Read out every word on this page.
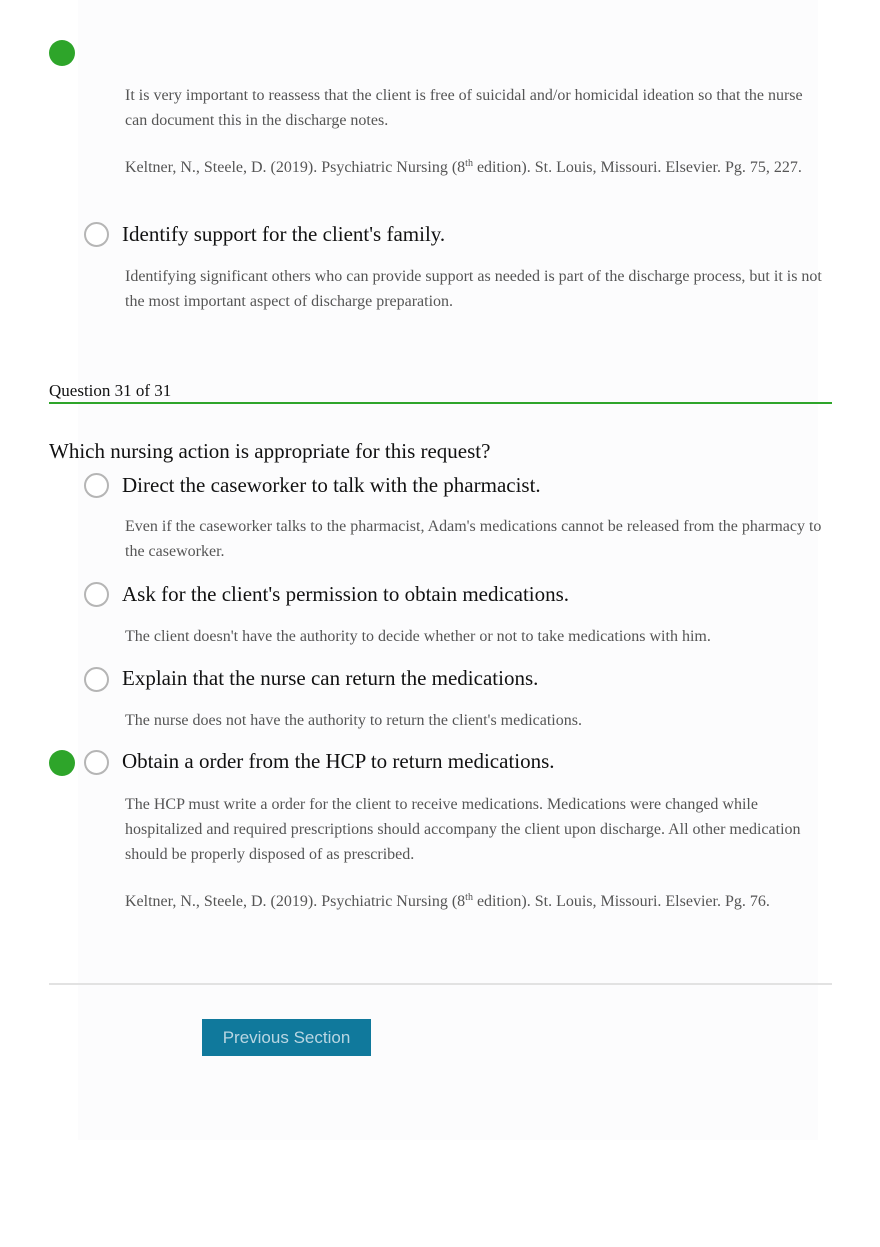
It is very important to reassess that the client is free of suicidal and/or homicidal ideation so that the nurse can document this in the discharge notes.
Keltner, N., Steele, D. (2019). Psychiatric Nursing (8th edition). St. Louis, Missouri. Elsevier. Pg. 75, 227.
Identify support for the client's family.
Identifying significant others who can provide support as needed is part of the discharge process, but it is not the most important aspect of discharge preparation.
Question 31 of 31
Which nursing action is appropriate for this request?
Direct the caseworker to talk with the pharmacist.
Even if the caseworker talks to the pharmacist, Adam's medications cannot be released from the pharmacy to the caseworker.
Ask for the client's permission to obtain medications.
The client doesn't have the authority to decide whether or not to take medications with him.
Explain that the nurse can return the medications.
The nurse does not have the authority to return the client's medications.
Obtain a order from the HCP to return medications.
The HCP must write a order for the client to receive medications. Medications were changed while hospitalized and required prescriptions should accompany the client upon discharge. All other medication should be properly disposed of as prescribed.
Keltner, N., Steele, D. (2019). Psychiatric Nursing (8th edition). St. Louis, Missouri. Elsevier. Pg. 76.
Previous Section
